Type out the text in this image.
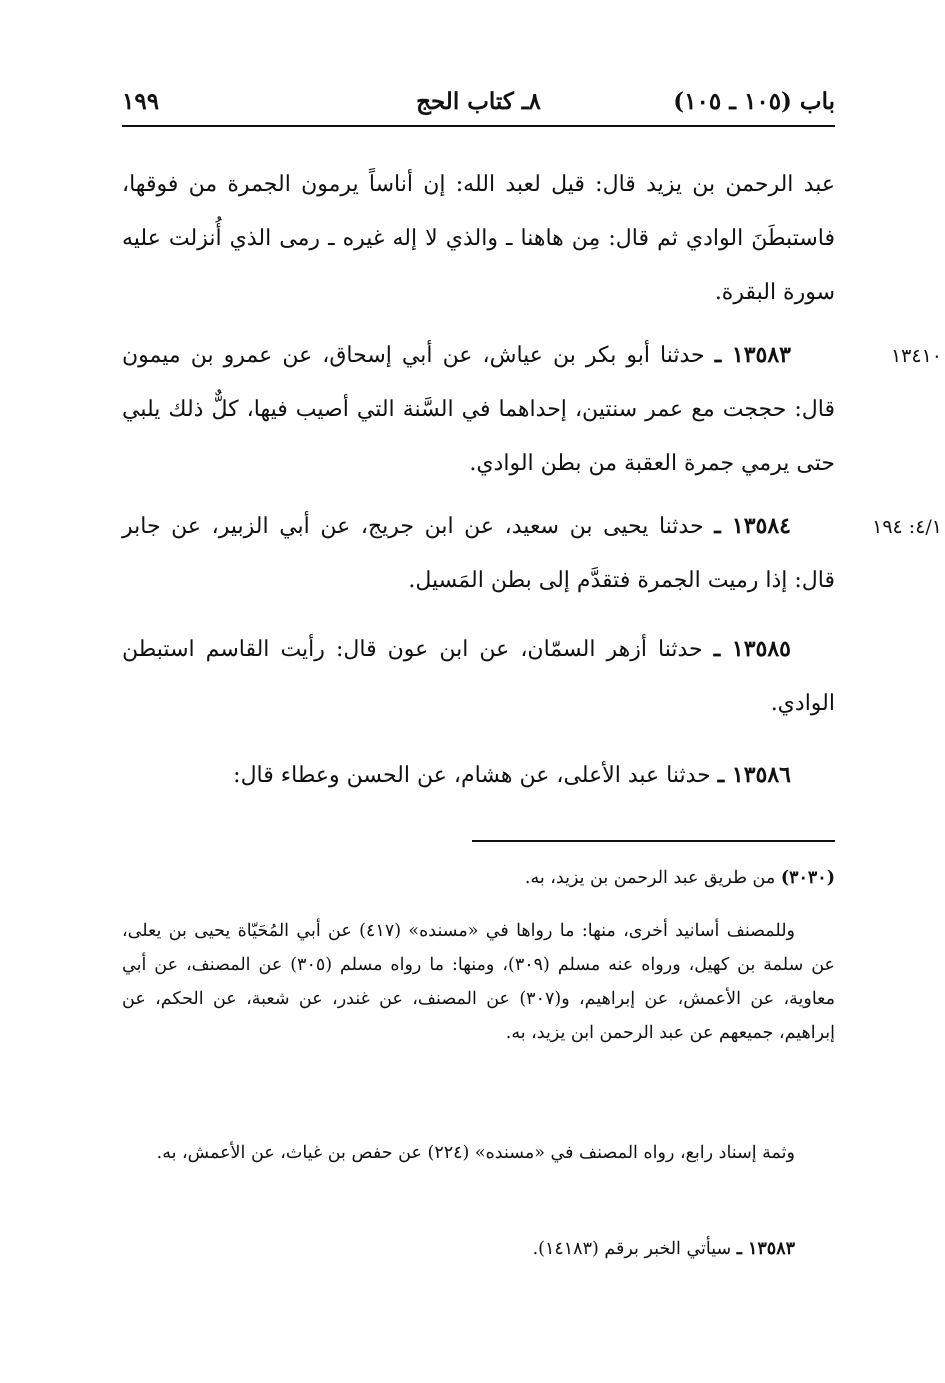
باب (١٠٥ ـ ١٠٥)
٨ـ كتاب الحج
١٩٩
عبد الرحمن بن يزيد قال: قيل لعبد الله: إن أناساً يرمون الجمرة من فوقها، فاستبطَنَ الوادي ثم قال: مِن هاهنا ـ والذي لا إله غيره ـ رمى الذي أُنزلت عليه سورة البقرة.
١٣٤١٠
١٣٥٨٣ ـ حدثنا أبو بكر بن عياش، عن أبي إسحاق، عن عمرو بن ميمون قال: حججت مع عمر سنتين، إحداهما في السَّنة التي أصيب فيها، كلٌّ ذلك يلبي حتى يرمي جمرة العقبة من بطن الوادي.
٤/١: ١٩٤
١٣٥٨٤ ـ حدثنا يحيى بن سعيد، عن ابن جريج، عن أبي الزبير، عن جابر قال: إذا رميت الجمرة فتقدَّم إلى بطن المَسيل.
١٣٥٨٥ ـ حدثنا أزهر السمّان، عن ابن عون قال: رأيت القاسم استبطن الوادي.
١٣٥٨٦ ـ حدثنا عبد الأعلى، عن هشام، عن الحسن وعطاء قال:
(٣٠٣٠) من طريق عبد الرحمن بن يزيد، به.
وللمصنف أسانيد أخرى، منها: ما رواها في «مسنده» (٤١٧) عن أبي المُحَيّاة يحيى بن يعلى، عن سلمة بن كهيل، ورواه عنه مسلم (٣٠٩)، ومنها: ما رواه مسلم (٣٠٥) عن المصنف، عن أبي معاوية، عن الأعمش، عن إبراهيم، و(٣٠٧) عن المصنف، عن غندر، عن شعبة، عن الحكم، عن إبراهيم، جميعهم عن عبد الرحمن ابن يزيد، به.
وثمة إسناد رابع، رواه المصنف في «مسنده» (٢٢٤) عن حفص بن غياث، عن الأعمش، به.
١٣٥٨٣ ـ سيأتي الخبر برقم (١٤١٨٣).
